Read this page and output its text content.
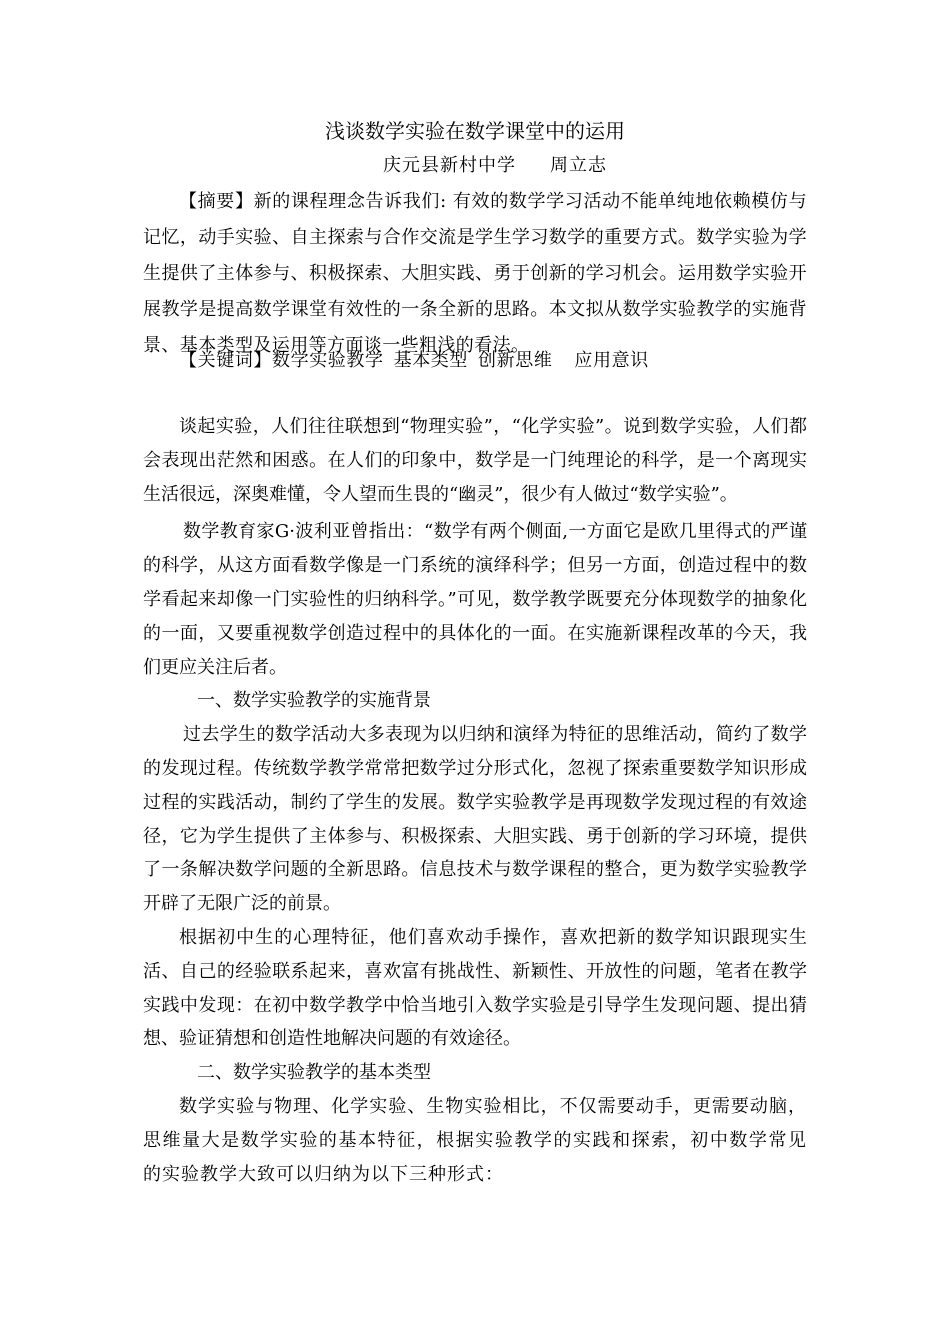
浅谈数学实验在数学课堂中的运用
庆元县新村中学 周立志
【摘要】新的课程理念告诉我们: 有效的数学学习活动不能单纯地依赖模仿与记忆，动手实验、自主探索与合作交流是学生学习数学的重要方式。数学实验为学生提供了主体参与、积极探索、大胆实践、勇于创新的学习机会。运用数学实验开展教学是提高数学课堂有效性的一条全新的思路。本文拟从数学实验教学的实施背景、基本类型及运用等方面谈一些粗浅的看法。
【关键词】数学实验教学 基本类型 创新思维 应用意识

谈起实验，人们往往联想到“物理实验”，“化学实验”。说到数学实验，人们都会表现出茫然和困惑。在人们的印象中，数学是一门纯理论的科学，是一个离现实生活很远，深奥难懂，令人望而生畏的“幽灵”，很少有人做过“数学实验”。

数学教育家G·波利亚曾指出：“数学有两个侧面,一方面它是欧几里得式的严谨的科学，从这方面看数学像是一门系统的演绎科学；但另一方面，创造过程中的数学看起来却像一门实验性的归纳科学。”可见，数学教学既要充分体现数学的抽象化的一面，又要重视数学创造过程中的具体化的一面。在实施新课程改革的今天，我们更应关注后者。

一、数学实验教学的实施背景

过去学生的数学活动大多表现为以归纳和演绎为特征的思维活动，简约了数学的发现过程。传统数学教学常常把数学过分形式化，忽视了探索重要数学知识形成过程的实践活动，制约了学生的发展。数学实验教学是再现数学发现过程的有效途径，它为学生提供了主体参与、积极探索、大胆实践、勇于创新的学习环境，提供了一条解决数学问题的全新思路。信息技术与数学课程的整合，更为数学实验教学开辟了无限广泛的前景。

根据初中生的心理特征，他们喜欢动手操作，喜欢把新的数学知识跟现实生活、自己的经验联系起来，喜欢富有挑战性、新颖性、开放性的问题，笔者在教学实践中发现：在初中数学教学中恰当地引入数学实验是引导学生发现问题、提出猜想、验证猜想和创造性地解决问题的有效途径。

二、数学实验教学的基本类型

数学实验与物理、化学实验、生物实验相比，不仅需要动手，更需要动脑，思维量大是数学实验的基本特征，根据实验教学的实践和探索，初中数学常见的实验教学大致可以归纳为以下三种形式：
